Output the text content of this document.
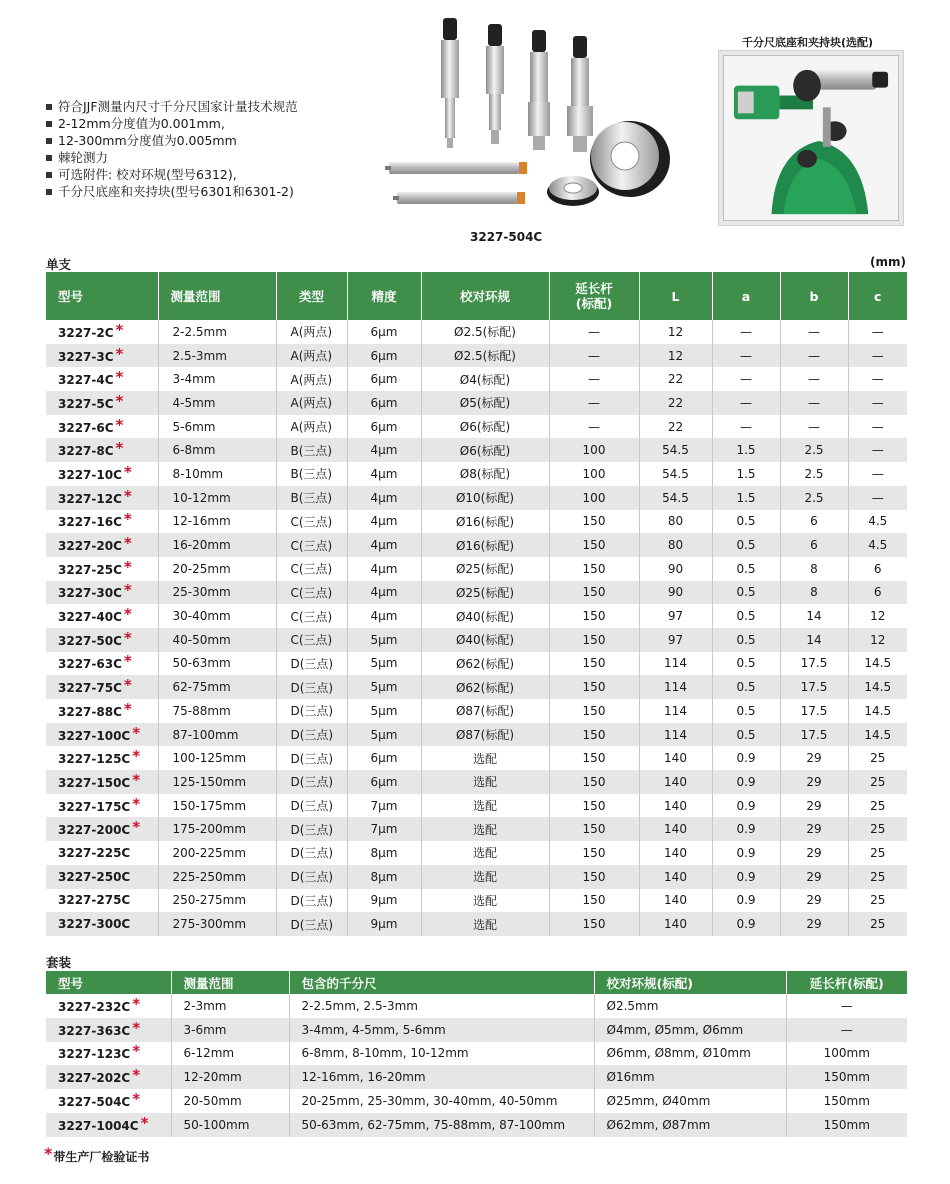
符合JJF测量内尺寸千分尺国家计量技术规范
2-12mm分度值为0.001mm,
12-300mm分度值为0.005mm
棘轮测力
可选附件: 校对环规(型号6312),
千分尺底座和夹持块(型号6301和6301-2)
3227-504C
千分尺底座和夹持块(选配)
单支	(mm)
型号	测量范围	类型	精度	校对环规	延长杆
(标配)	L	a	b	c
3227-2C *	2-2.5mm	A(两点)	6μm	Ø2.5(标配)	—	12	—	—	—
3227-3C *	2.5-3mm	A(两点)	6μm	Ø2.5(标配)	—	12	—	—	—
3227-4C *	3-4mm	A(两点)	6μm	Ø4(标配)	—	22	—	—	—
3227-5C *	4-5mm	A(两点)	6μm	Ø5(标配)	—	22	—	—	—
3227-6C *	5-6mm	A(两点)	6μm	Ø6(标配)	—	22	—	—	—
3227-8C *	6-8mm	B(三点)	4μm	Ø6(标配)	100	54.5	1.5	2.5	—
3227-10C *	8-10mm	B(三点)	4μm	Ø8(标配)	100	54.5	1.5	2.5	—
3227-12C *	10-12mm	B(三点)	4μm	Ø10(标配)	100	54.5	1.5	2.5	—
3227-16C *	12-16mm	C(三点)	4μm	Ø16(标配)	150	80	0.5	6	4.5
3227-20C *	16-20mm	C(三点)	4μm	Ø16(标配)	150	80	0.5	6	4.5
3227-25C *	20-25mm	C(三点)	4μm	Ø25(标配)	150	90	0.5	8	6
3227-30C *	25-30mm	C(三点)	4μm	Ø25(标配)	150	90	0.5	8	6
3227-40C *	30-40mm	C(三点)	4μm	Ø40(标配)	150	97	0.5	14	12
3227-50C *	40-50mm	C(三点)	5μm	Ø40(标配)	150	97	0.5	14	12
3227-63C *	50-63mm	D(三点)	5μm	Ø62(标配)	150	114	0.5	17.5	14.5
3227-75C *	62-75mm	D(三点)	5μm	Ø62(标配)	150	114	0.5	17.5	14.5
3227-88C *	75-88mm	D(三点)	5μm	Ø87(标配)	150	114	0.5	17.5	14.5
3227-100C *	87-100mm	D(三点)	5μm	Ø87(标配)	150	114	0.5	17.5	14.5
3227-125C *	100-125mm	D(三点)	6μm	选配	150	140	0.9	29	25
3227-150C *	125-150mm	D(三点)	6μm	选配	150	140	0.9	29	25
3227-175C *	150-175mm	D(三点)	7μm	选配	150	140	0.9	29	25
3227-200C *	175-200mm	D(三点)	7μm	选配	150	140	0.9	29	25
3227-225C	200-225mm	D(三点)	8μm	选配	150	140	0.9	29	25
3227-250C	225-250mm	D(三点)	8μm	选配	150	140	0.9	29	25
3227-275C	250-275mm	D(三点)	9μm	选配	150	140	0.9	29	25
3227-300C	275-300mm	D(三点)	9μm	选配	150	140	0.9	29	25
套装
型号	测量范围	包含的千分尺	校对环规(标配)	延长杆(标配)
3227-232C *	2-3mm	2-2.5mm, 2.5-3mm	Ø2.5mm	—
3227-363C *	3-6mm	3-4mm, 4-5mm, 5-6mm	Ø4mm, Ø5mm, Ø6mm	—
3227-123C *	6-12mm	6-8mm, 8-10mm, 10-12mm	Ø6mm, Ø8mm, Ø10mm	100mm
3227-202C *	12-20mm	12-16mm, 16-20mm	Ø16mm	150mm
3227-504C *	20-50mm	20-25mm, 25-30mm, 30-40mm, 40-50mm	Ø25mm, Ø40mm	150mm
3227-1004C *	50-100mm	50-63mm, 62-75mm, 75-88mm, 87-100mm	Ø62mm, Ø87mm	150mm
*带生产厂检验证书
